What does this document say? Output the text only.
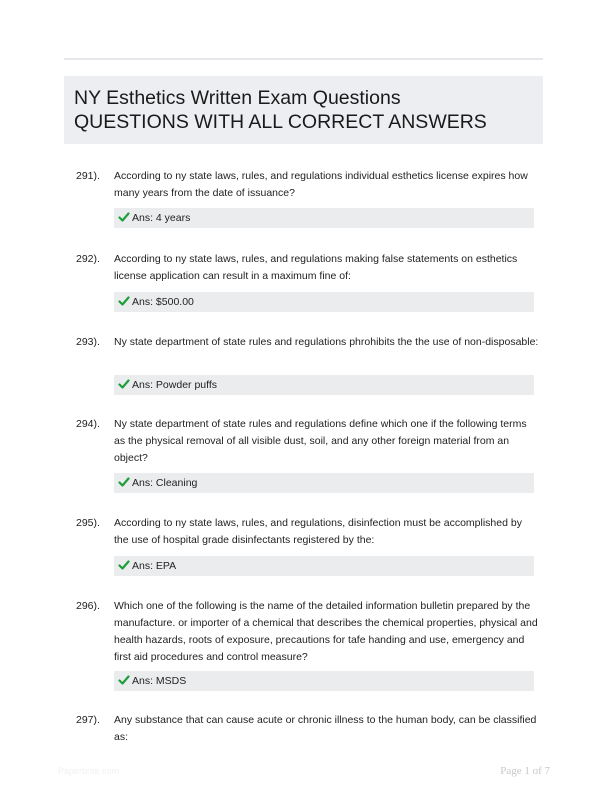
NY Esthetics Written Exam Questions
QUESTIONS WITH ALL CORRECT ANSWERS
291). According to ny state laws, rules, and regulations individual esthetics license expires how many years from the date of issuance?
Ans: 4 years
292). According to ny state laws, rules, and regulations making false statements on esthetics license application can result in a maximum fine of:
Ans: $500.00
293). Ny state department of state rules and regulations phrohibits the the use of non-disposable:
Ans: Powder puffs
294). Ny state department of state rules and regulations define which one if the following terms as the physical removal of all visible dust, soil, and any other foreign material from an object?
Ans: Cleaning
295). According to ny state laws, rules, and regulations, disinfection must be accomplished by the use of hospital grade disinfectants registered by the:
Ans: EPA
296). Which one of the following is the name of the detailed information bulletin prepared by the manufacture. or importer of a chemical that describes the chemical properties, physical and health hazards, roots of exposure, precautions for tafe handing and use, emergency and first aid procedures and control measure?
Ans: MSDS
297). Any substance that can cause acute or chronic illness to the human body, can be classified as:
Paperbrite.com	Page 1 of 7
